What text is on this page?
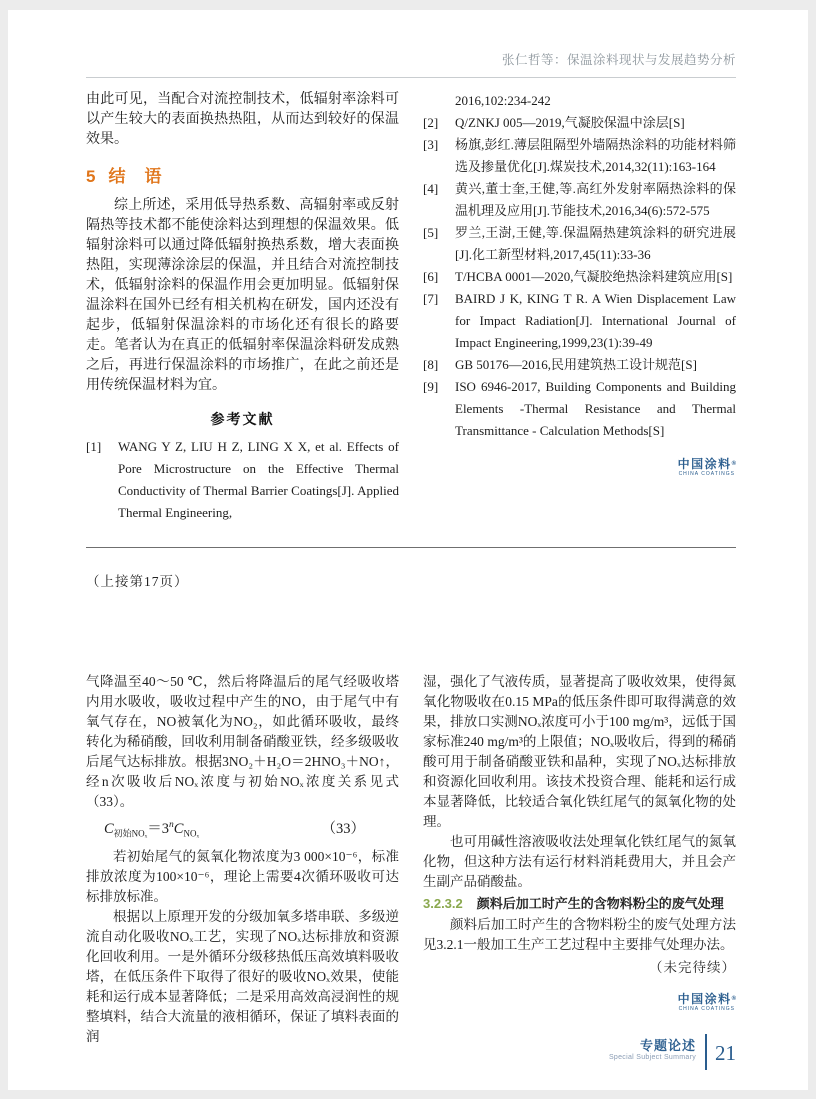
张仁哲等：保温涂料现状与发展趋势分析

由此可见，当配合对流控制技术，低辐射率涂料可以产生较大的表面换热热阻，从而达到较好的保温效果。

5 结　语

综上所述，采用低导热系数、高辐射率或反射隔热等技术都不能使涂料达到理想的保温效果。低辐射涂料可以通过降低辐射换热系数，增大表面换热阻，实现薄涂涂层的保温，并且结合对流控制技术，低辐射涂料的保温作用会更加明显。低辐射保温涂料在国外已经有相关机构在研发，国内还没有起步，低辐射保温涂料的市场化还有很长的路要走。笔者认为在真正的低辐射率保温涂料研发成熟之后，再进行保温涂料的市场推广，在此之前还是用传统保温材料为宜。

参考文献
[1]	WANG Y Z, LIU H Z, LING X X, et al. Effects of Pore Microstructure on the Effective Thermal Conductivity of Thermal Barrier Coatings[J]. Applied Thermal Engineering,
2016,102:234-242
[2]	Q/ZNKJ 005—2019,气凝胶保温中涂层[S]
[3]	杨旗,彭红.薄层阻隔型外墙隔热涂料的功能材料筛选及掺量优化[J].煤炭技术,2014,32(11):163-164
[4]	黄兴,董士奎,王健,等.高红外发射率隔热涂料的保温机理及应用[J].节能技术,2016,34(6):572-575
[5]	罗兰,王澍,王健,等.保温隔热建筑涂料的研究进展[J].化工新型材料,2017,45(11):33-36
[6]	T/HCBA 0001—2020,气凝胶绝热涂料建筑应用[S]
[7]	BAIRD J K, KING T R. A Wien Displacement Law for Impact Radiation[J]. International Journal of Impact Engineering,1999,23(1):39-49
[8]	GB 50176—2016,民用建筑热工设计规范[S]
[9]	ISO 6946-2017, Building Components and Building Elements -Thermal Resistance and Thermal Transmittance - Calculation Methods[S]
中国涂料®
CHINA COATINGS
（上接第17页）

气降温至40～50 ℃，然后将降温后的尾气经吸收塔内用水吸收，吸收过程中产生的NO，由于尾气中有氧气存在，NO被氧化为NO₂，如此循环吸收，最终转化为稀硝酸，回收利用制备硝酸亚铁，经多级吸收后尾气达标排放。根据3NO₂＋H₂O＝2HNO₃＋NO↑，经n次吸收后NOₓ浓度与初始NOₓ浓度关系见式（33）。

$C_{初始NO_x}=3^nC_{NO_x}$	（33）

若初始尾气的氮氧化物浓度为3 000×10⁻⁶，标准排放浓度为100×10⁻⁶，理论上需要4次循环吸收可达标排放标准。

根据以上原理开发的分级加氧多塔串联、多级逆流自动化吸收NOₓ工艺，实现了NOₓ达标排放和资源化回收利用。一是外循环分级移热低压高效填料吸收塔，在低压条件下取得了很好的吸收NOₓ效果，使能耗和运行成本显著降低；二是采用高效高浸润性的规整填料，结合大流量的液相循环，保证了填料表面的润

湿，强化了气液传质，显著提高了吸收效果，使得氮氧化物吸收在0.15 MPa的低压条件即可取得满意的效果，排放口实测NOₓ浓度可小于100 mg/m³，远低于国家标准240 mg/m³的上限值；NOₓ吸收后，得到的稀硝酸可用于制备硝酸亚铁和晶种，实现了NOₓ达标排放和资源化回收利用。该技术投资合理、能耗和运行成本显著降低，比较适合氧化铁红尾气的氮氧化物的处理。

也可用碱性溶液吸收法处理氧化铁红尾气的氮氧化物，但这种方法有运行材料消耗费用大，并且会产生副产品硝酸盐。

3.2.3.2 颜料后加工时产生的含物料粉尘的废气处理

颜料后加工时产生的含物料粉尘的废气处理方法见3.2.1一般加工生产工艺过程中主要排气处理办法。

（未完待续）
中国涂料®
CHINA COATINGS
专题论述
Special Subject Summary 21
